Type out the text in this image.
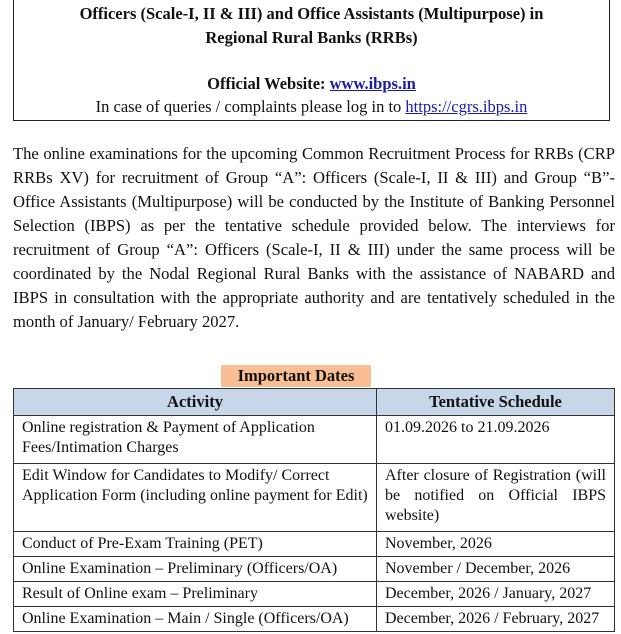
Officers (Scale-I, II & III) and Office Assistants (Multipurpose) in Regional Rural Banks (RRBs)
Official Website: www.ibps.in
In case of queries / complaints please log in to https://cgrs.ibps.in

The online examinations for the upcoming Common Recruitment Process for RRBs (CRP RRBs XV) for recruitment of Group “A”: Officers (Scale-I, II & III) and Group “B”-Office Assistants (Multipurpose) will be conducted by the Institute of Banking Personnel Selection (IBPS) as per the tentative schedule provided below. The interviews for recruitment of Group “A”: Officers (Scale-I, II & III) under the same process will be coordinated by the Nodal Regional Rural Banks with the assistance of NABARD and IBPS in consultation with the appropriate authority and are tentatively scheduled in the month of January/ February 2027.

Important Dates
Activity	Tentative Schedule
Online registration & Payment of Application Fees/Intimation Charges	01.09.2026 to 21.09.2026
Edit Window for Candidates to Modify/ Correct Application Form (including online payment for Edit)	After closure of Registration (will be notified on Official IBPS website)
Conduct of Pre-Exam Training (PET)	November, 2026
Online Examination – Preliminary (Officers/OA)	November / December, 2026
Result of Online exam – Preliminary	December, 2026 / January, 2027
Online Examination – Main / Single (Officers/OA)	December, 2026 / February, 2027
